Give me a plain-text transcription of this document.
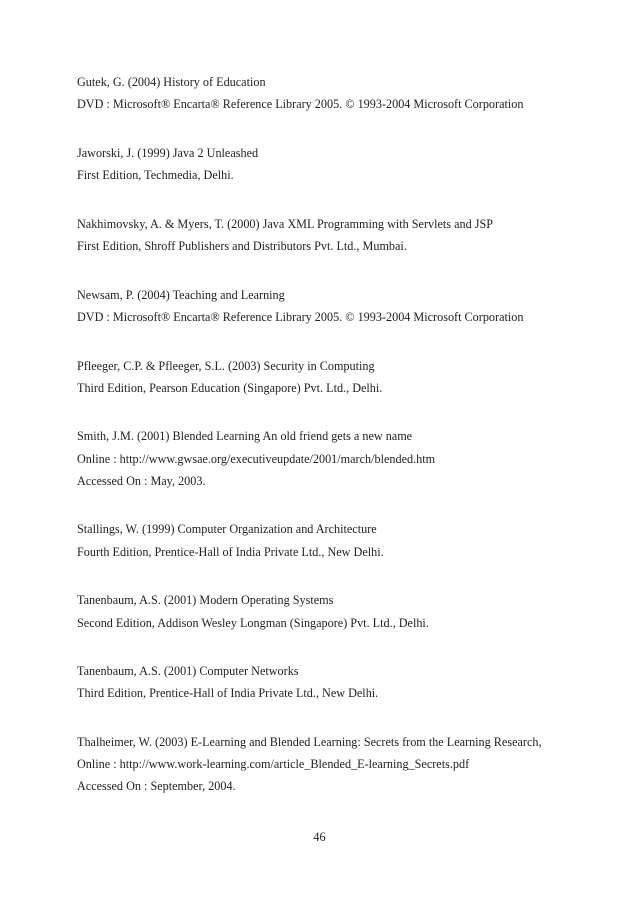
Gutek, G. (2004) History of Education
DVD : Microsoft® Encarta® Reference Library 2005. © 1993-2004 Microsoft Corporation
Jaworski, J. (1999) Java 2 Unleashed
First Edition, Techmedia, Delhi.
Nakhimovsky, A. & Myers, T. (2000) Java XML Programming with Servlets and JSP
First Edition, Shroff Publishers and Distributors Pvt. Ltd., Mumbai.
Newsam, P. (2004) Teaching and Learning
DVD : Microsoft® Encarta® Reference Library 2005. © 1993-2004 Microsoft Corporation
Pfleeger, C.P. & Pfleeger, S.L. (2003) Security in Computing
Third Edition, Pearson Education (Singapore) Pvt. Ltd., Delhi.
Smith, J.M. (2001) Blended Learning An old friend gets a new name
Online : http://www.gwsae.org/executiveupdate/2001/march/blended.htm
Accessed On : May, 2003.
Stallings, W. (1999) Computer Organization and Architecture
Fourth Edition, Prentice-Hall of India Private Ltd., New Delhi.
Tanenbaum, A.S. (2001) Modern Operating Systems
Second Edition, Addison Wesley Longman (Singapore) Pvt. Ltd., Delhi.
Tanenbaum, A.S. (2001) Computer Networks
Third Edition, Prentice-Hall of India Private Ltd., New Delhi.
Thalheimer, W. (2003) E-Learning and Blended Learning: Secrets from the Learning Research,
Online : http://www.work-learning.com/article_Blended_E-learning_Secrets.pdf
Accessed On : September, 2004.
46
